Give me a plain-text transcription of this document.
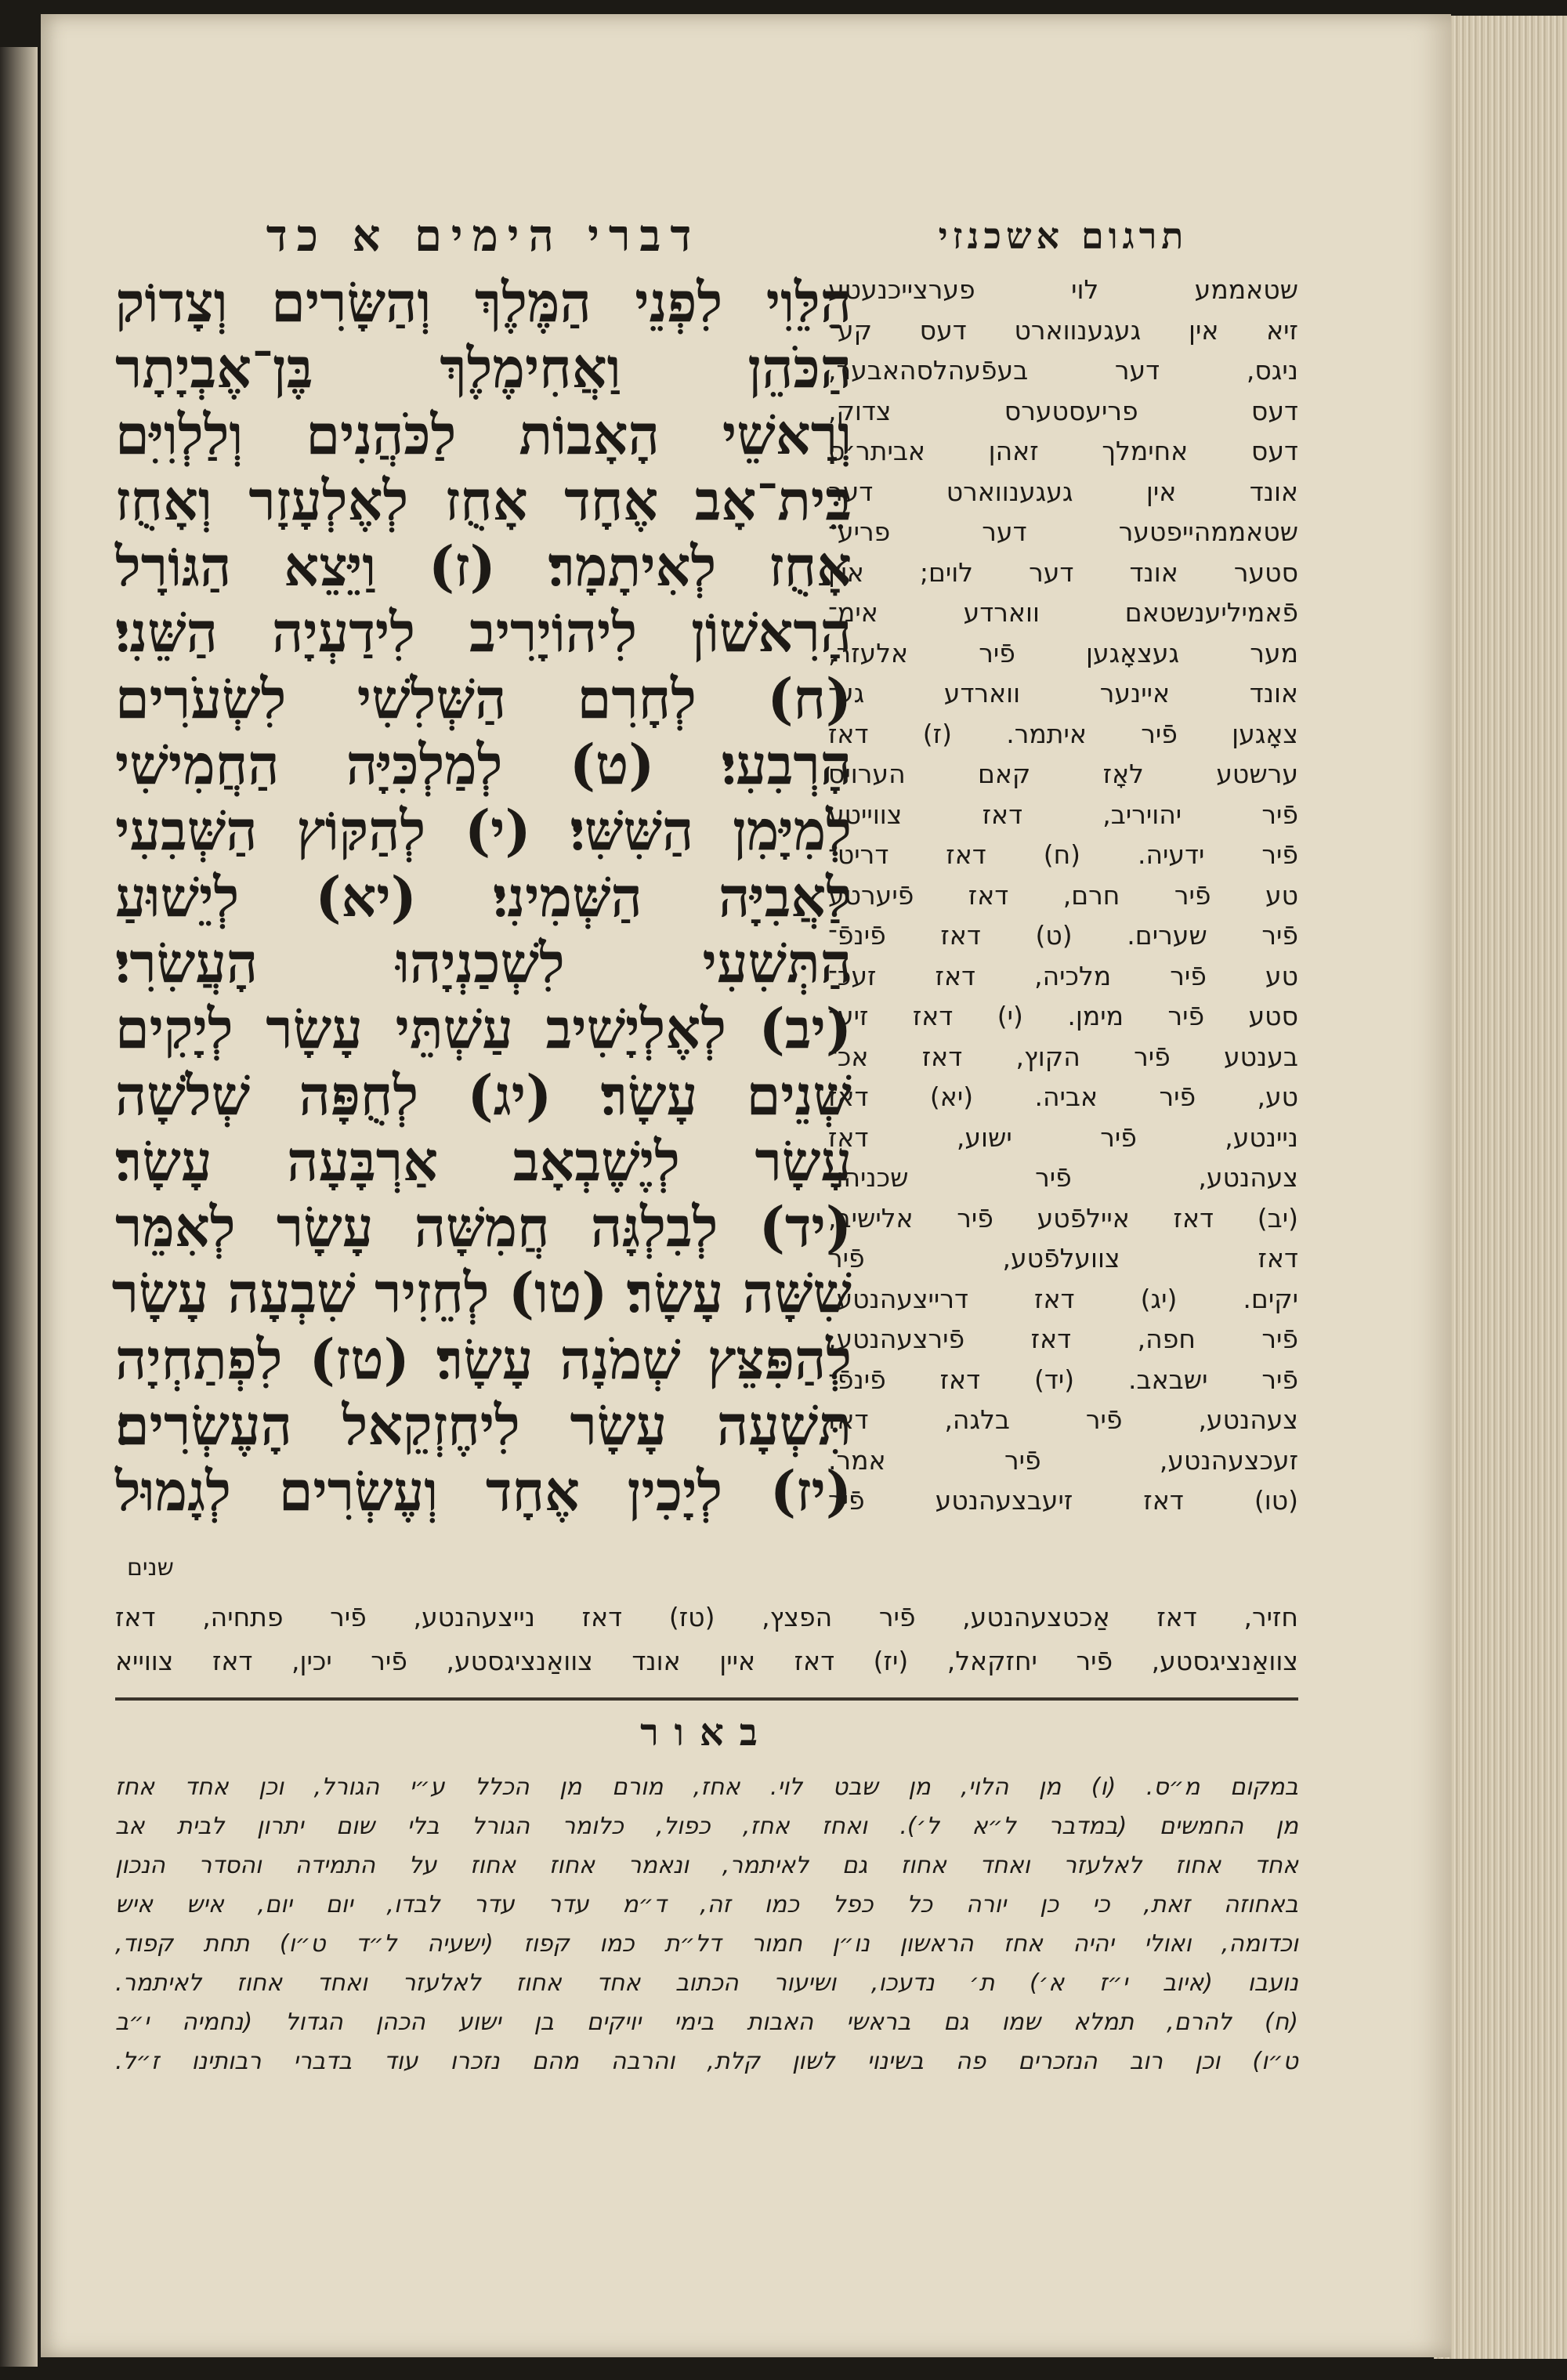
דברי הימים א כד
הַלֵּוִי לִפְנֵי הַמֶּלֶךְ וְהַשָּׂרִים וְצָדוֹק
הַכֹּהֵן וַאֲחִימֶלֶךְ בֶּן־אֶבְיָתָר
וְרָאשֵׁי הָאָבוֹת לַכֹּהֲנִים וְלַלְוִיִּם
בֵּית־אָב אֶחָד אָחֻז לְאֶלְעָזָר וְאָחֻז
אָחֻז לְאִיתָמָר׃ (ז) וַיֵּצֵא הַגּוֹרָל
הָרִאשׁוֹן לִיהוֹיָרִיב לִידַעְיָה הַשֵּׁנִי׃
(ח) לְחָרִם הַשְּׁלִשִׁי לִשְׂעֹרִים
הָרְבִעִי׃ (ט) לְמַלְכִּיָּה הַחֲמִישִׁי
לְמִיָּמִן הַשִּׁשִּׁי׃ (י) לְהַקּוֹץ הַשְּׁבִעִי
לַאֲבִיָּה הַשְּׁמִינִי׃ (יא) לְיֵשׁוּעַ
הַתְּשִׁעִי לִשְׁכַנְיָהוּ הָעֲשִׂרִי׃
(יב) לְאֶלְיָשִׁיב עַשְׁתֵּי עָשָׂר לְיָקִים
שְׁנֵים עָשָׂר׃ (יג) לְחֻפָּה שְׁלֹשָׁה
עָשָׂר לְיֶשֶׁבְאָב אַרְבָּעָה עָשָׂר׃
(יד) לְבִלְגָּה חֲמִשָּׁה עָשָׂר לְאִמֵּר
שִׁשָּׁה עָשָׂר׃ (טו) לְחֵזִיר שִׁבְעָה עָשָׂר
לְהַפִּצֵּץ שְׁמֹנָה עָשָׂר׃ (טז) לִפְתַחְיָה
תִּשְׁעָה עָשָׂר לִיחֶזְקֵאל הָעֶשְׂרִים׃
(יז) לְיָכִין אֶחָד וְעֶשְׂרִים לְגָמוּל
תרגום אשכנזי
שטאממע לוי פערצייכנעטע
זיא אין געגענווארט דעס קע־
ניגס, דער בעפֿעהלסהאבער,
דעס פריעסטערס צדוק,
דעס אחימלך זאהן אביתר׳ס
אונד אין געגענווארט דער
שטאממהייפטער דער פריע־
סטער אונד דער לוים; איין
פֿאמיליענשטאם ווארדע אימ־
מער געצאָגען פֿיר אלעזר,
אונד איינער ווארדע גע־
צאָגען פֿיר איתמר. (ז) דאז
ערשטע לאָז קאם הערויס
פֿיר יהויריב, דאז צווייטע
פֿיר ידעיה. (ח) דאז דריט־
טע פֿיר חרם, דאז פֿיערטע
פֿיר שערים. (ט) דאז פֿינפֿ־
טע פֿיר מלכיה, דאז זעכ־
סטע פֿיר מימן. (י) דאז זיע־
בענטע פֿיר הקוץ, דאז אכ־
טע, פֿיר אביה. (יא) דאז
ניינטע, פֿיר ישוע, דאז
צעהנטע, פֿיר שכניהו.
(יב) דאז איילפֿטע פֿיר אלישיב,
דאז צוועלפֿטע, פֿיר
יקים. (יג) דאז דרייצעהנטע,
פֿיר חפה, דאז פֿירצעהנטע,
פֿיר ישבאב. (יד) דאז פֿינפֿ־
צעהנטע, פֿיר בלגה, דאז
זעכצעהנטע, פֿיר אמר.
(טו) דאז זיעבצעהנטע פֿיר
שנים
חזיר, דאז אַכטצעהנטע, פֿיר הפצץ, (טז) דאז נייצעהנטע, פֿיר פתחיה, דאז
צוואַנציגסטע, פֿיר יחזקאל, (יז) דאז איין אונד צוואַנציגסטע, פֿיר יכין, דאז צווייא
באור
במקום מ״ס. (ו) מן הלוי, מן שבט לוי. אחז, מורם מן הכלל ע״י הגורל, וכן אחד אחז
מן החמשים (במדבר ל״א ל׳). ואחז אחז, כפול, כלומר הגורל בלי שום יתרון לבית אב
אחד אחוז לאלעזר ואחד אחוז גם לאיתמר, ונאמר אחוז אחוז על התמידה והסדר הנכון
באחוזה זאת, כי כן יורה כל כפל כמו זה, ד״מ עדר עדר לבדו, יום יום, איש איש
וכדומה, ואולי יהיה אחז הראשון נו״ן חמור דל״ת כמו קפוז (ישעיה ל״ד ט״ו) תחת קפוד,
נועבו (איוב י״ז א׳) ת׳ נדעכו, ושיעור הכתוב אחד אחוז לאלעזר ואחד אחוז לאיתמר.
(ח) להרם, תמלא שמו גם בראשי האבות בימי יויקים בן ישוע הכהן הגדול (נחמיה י״ב
ט״ו) וכן רוב הנזכרים פה בשינוי לשון קלת, והרבה מהם נזכרו עוד בדברי רבותינו ז״ל.
